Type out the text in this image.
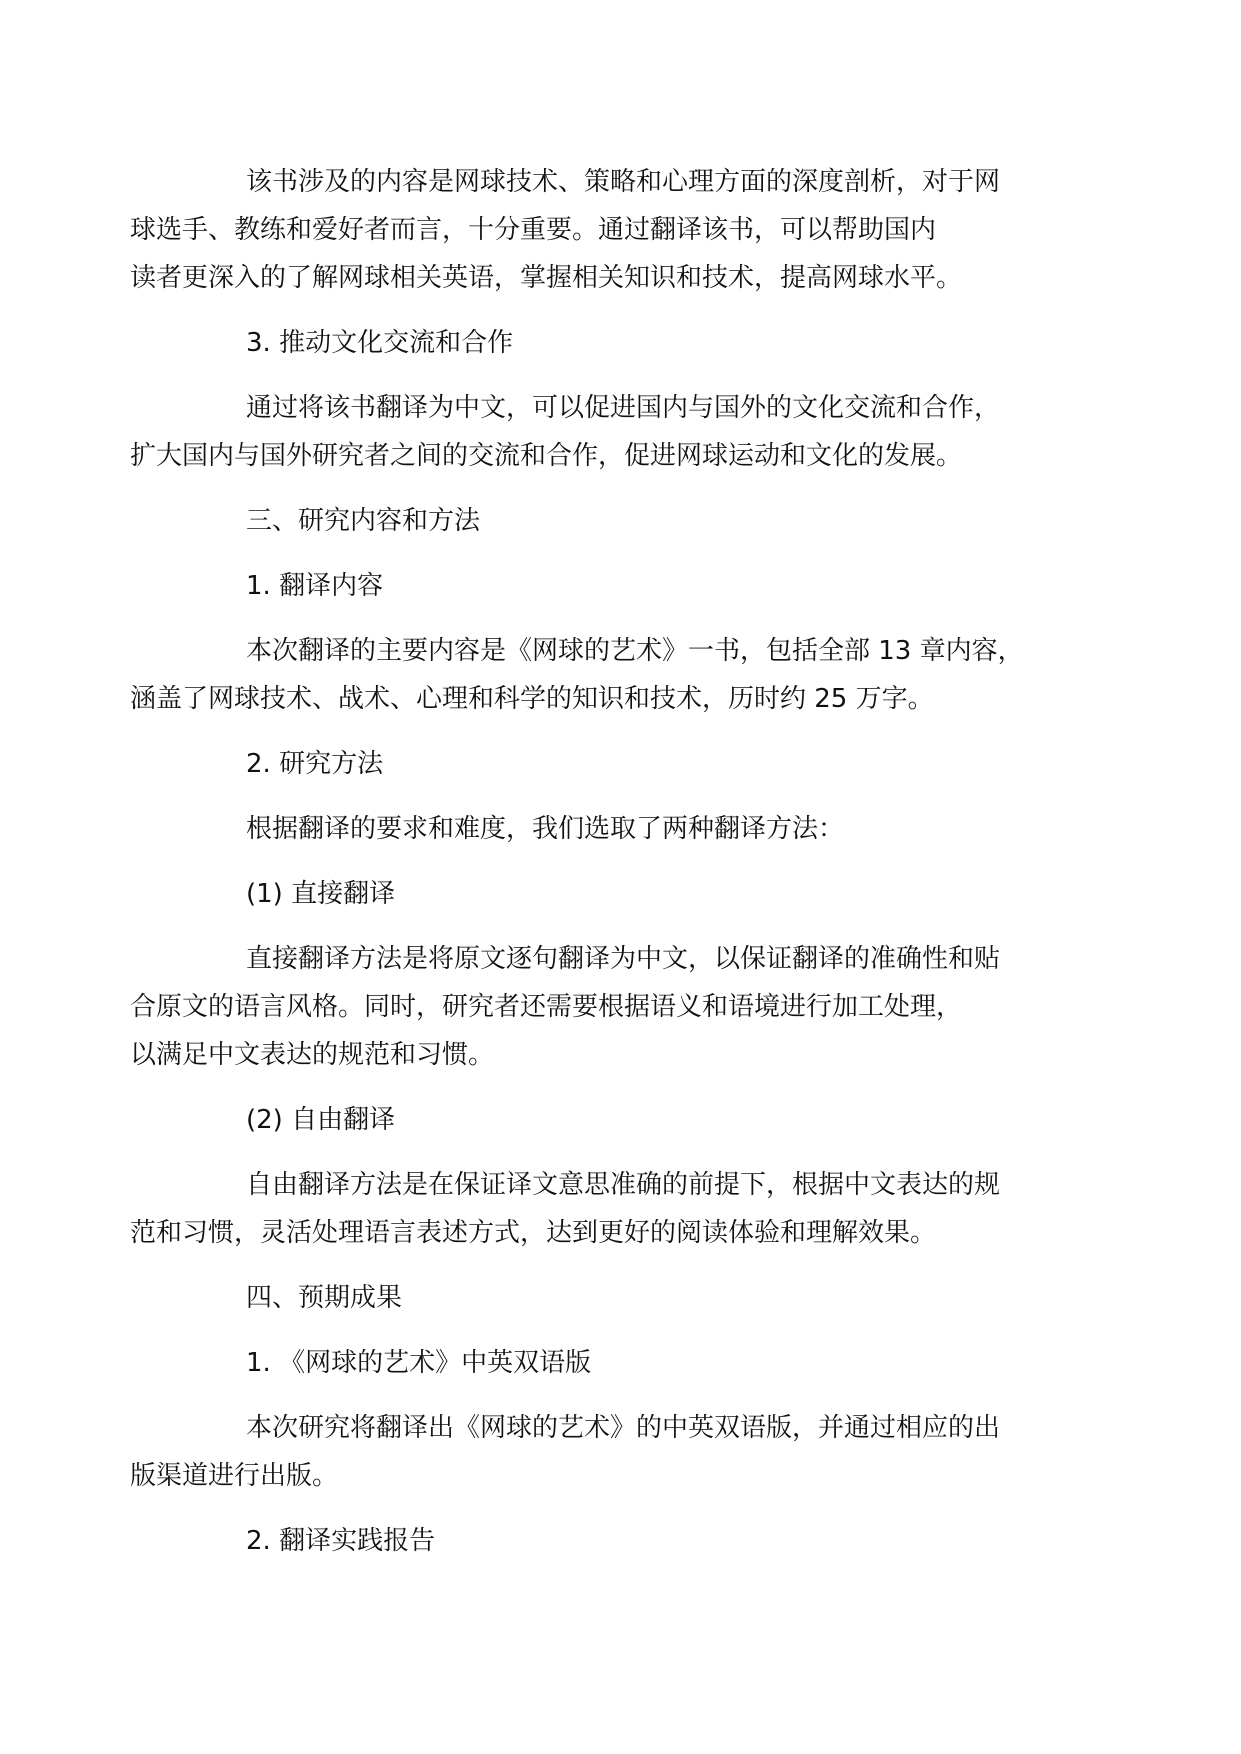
该书涉及的内容是网球技术、策略和心理方面的深度剖析，对于网
球选手、教练和爱好者而言，十分重要。通过翻译该书，可以帮助国内
读者更深入的了解网球相关英语，掌握相关知识和技术，提高网球水平。

3. 推动文化交流和合作

通过将该书翻译为中文，可以促进国内与国外的文化交流和合作，
扩大国内与国外研究者之间的交流和合作，促进网球运动和文化的发展。

三、研究内容和方法

1. 翻译内容

本次翻译的主要内容是《网球的艺术》一书，包括全部 13 章内容，
涵盖了网球技术、战术、心理和科学的知识和技术，历时约 25 万字。

2. 研究方法

根据翻译的要求和难度，我们选取了两种翻译方法：

(1) 直接翻译

直接翻译方法是将原文逐句翻译为中文，以保证翻译的准确性和贴
合原文的语言风格。同时，研究者还需要根据语义和语境进行加工处理，
以满足中文表达的规范和习惯。

(2) 自由翻译

自由翻译方法是在保证译文意思准确的前提下，根据中文表达的规
范和习惯，灵活处理语言表述方式，达到更好的阅读体验和理解效果。

四、预期成果

1. 《网球的艺术》中英双语版

本次研究将翻译出《网球的艺术》的中英双语版，并通过相应的出
版渠道进行出版。

2. 翻译实践报告
